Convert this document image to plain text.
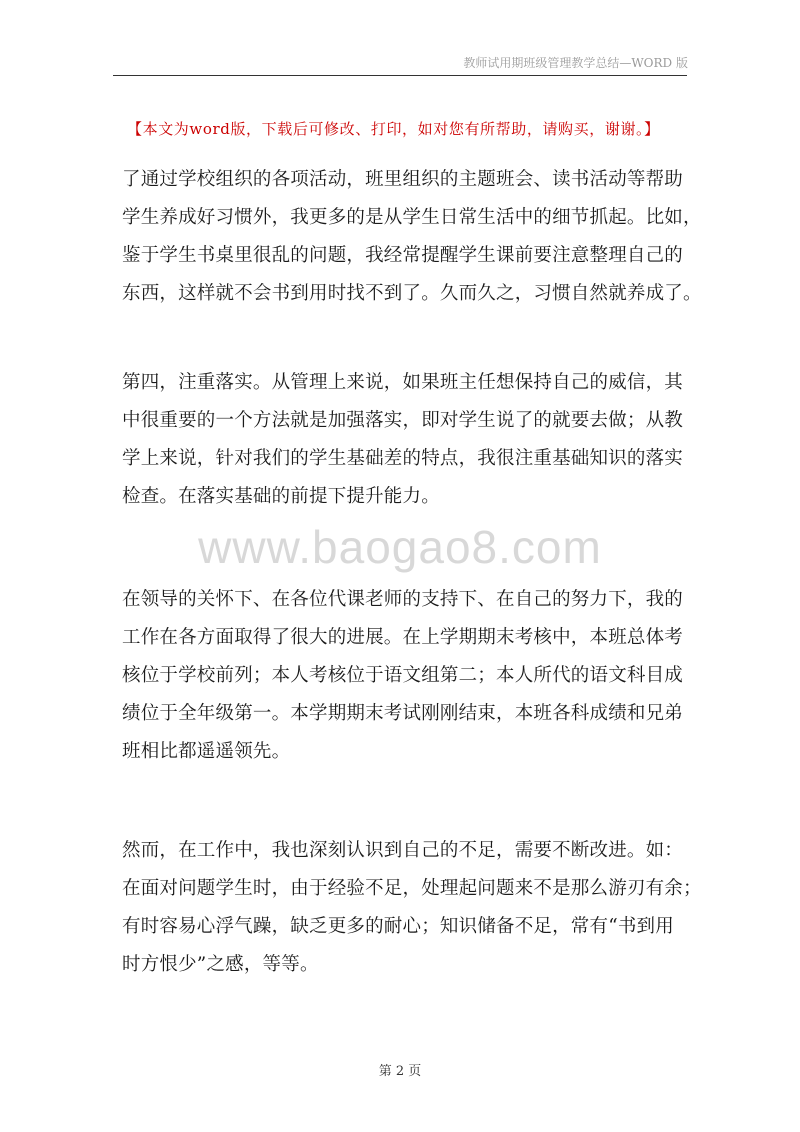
教师试用期班级管理教学总结—WORD 版
【本文为word版，下载后可修改、打印，如对您有所帮助，请购买，谢谢。】
www.baogao8.com
了通过学校组织的各项活动，班里组织的主题班会、读书活动等帮助
学生养成好习惯外，我更多的是从学生日常生活中的细节抓起。比如，
鉴于学生书桌里很乱的问题，我经常提醒学生课前要注意整理自己的
东西，这样就不会书到用时找不到了。久而久之，习惯自然就养成了。
第四，注重落实。从管理上来说，如果班主任想保持自己的威信，其
中很重要的一个方法就是加强落实，即对学生说了的就要去做；从教
学上来说，针对我们的学生基础差的特点，我很注重基础知识的落实
检查。在落实基础的前提下提升能力。
在领导的关怀下、在各位代课老师的支持下、在自己的努力下，我的
工作在各方面取得了很大的进展。在上学期期末考核中，本班总体考
核位于学校前列；本人考核位于语文组第二；本人所代的语文科目成
绩位于全年级第一。本学期期末考试刚刚结束，本班各科成绩和兄弟
班相比都遥遥领先。
然而，在工作中，我也深刻认识到自己的不足，需要不断改进。如：
在面对问题学生时，由于经验不足，处理起问题来不是那么游刃有余；
有时容易心浮气躁，缺乏更多的耐心；知识储备不足，常有“书到用
时方恨少”之感，等等。
第 2 页
